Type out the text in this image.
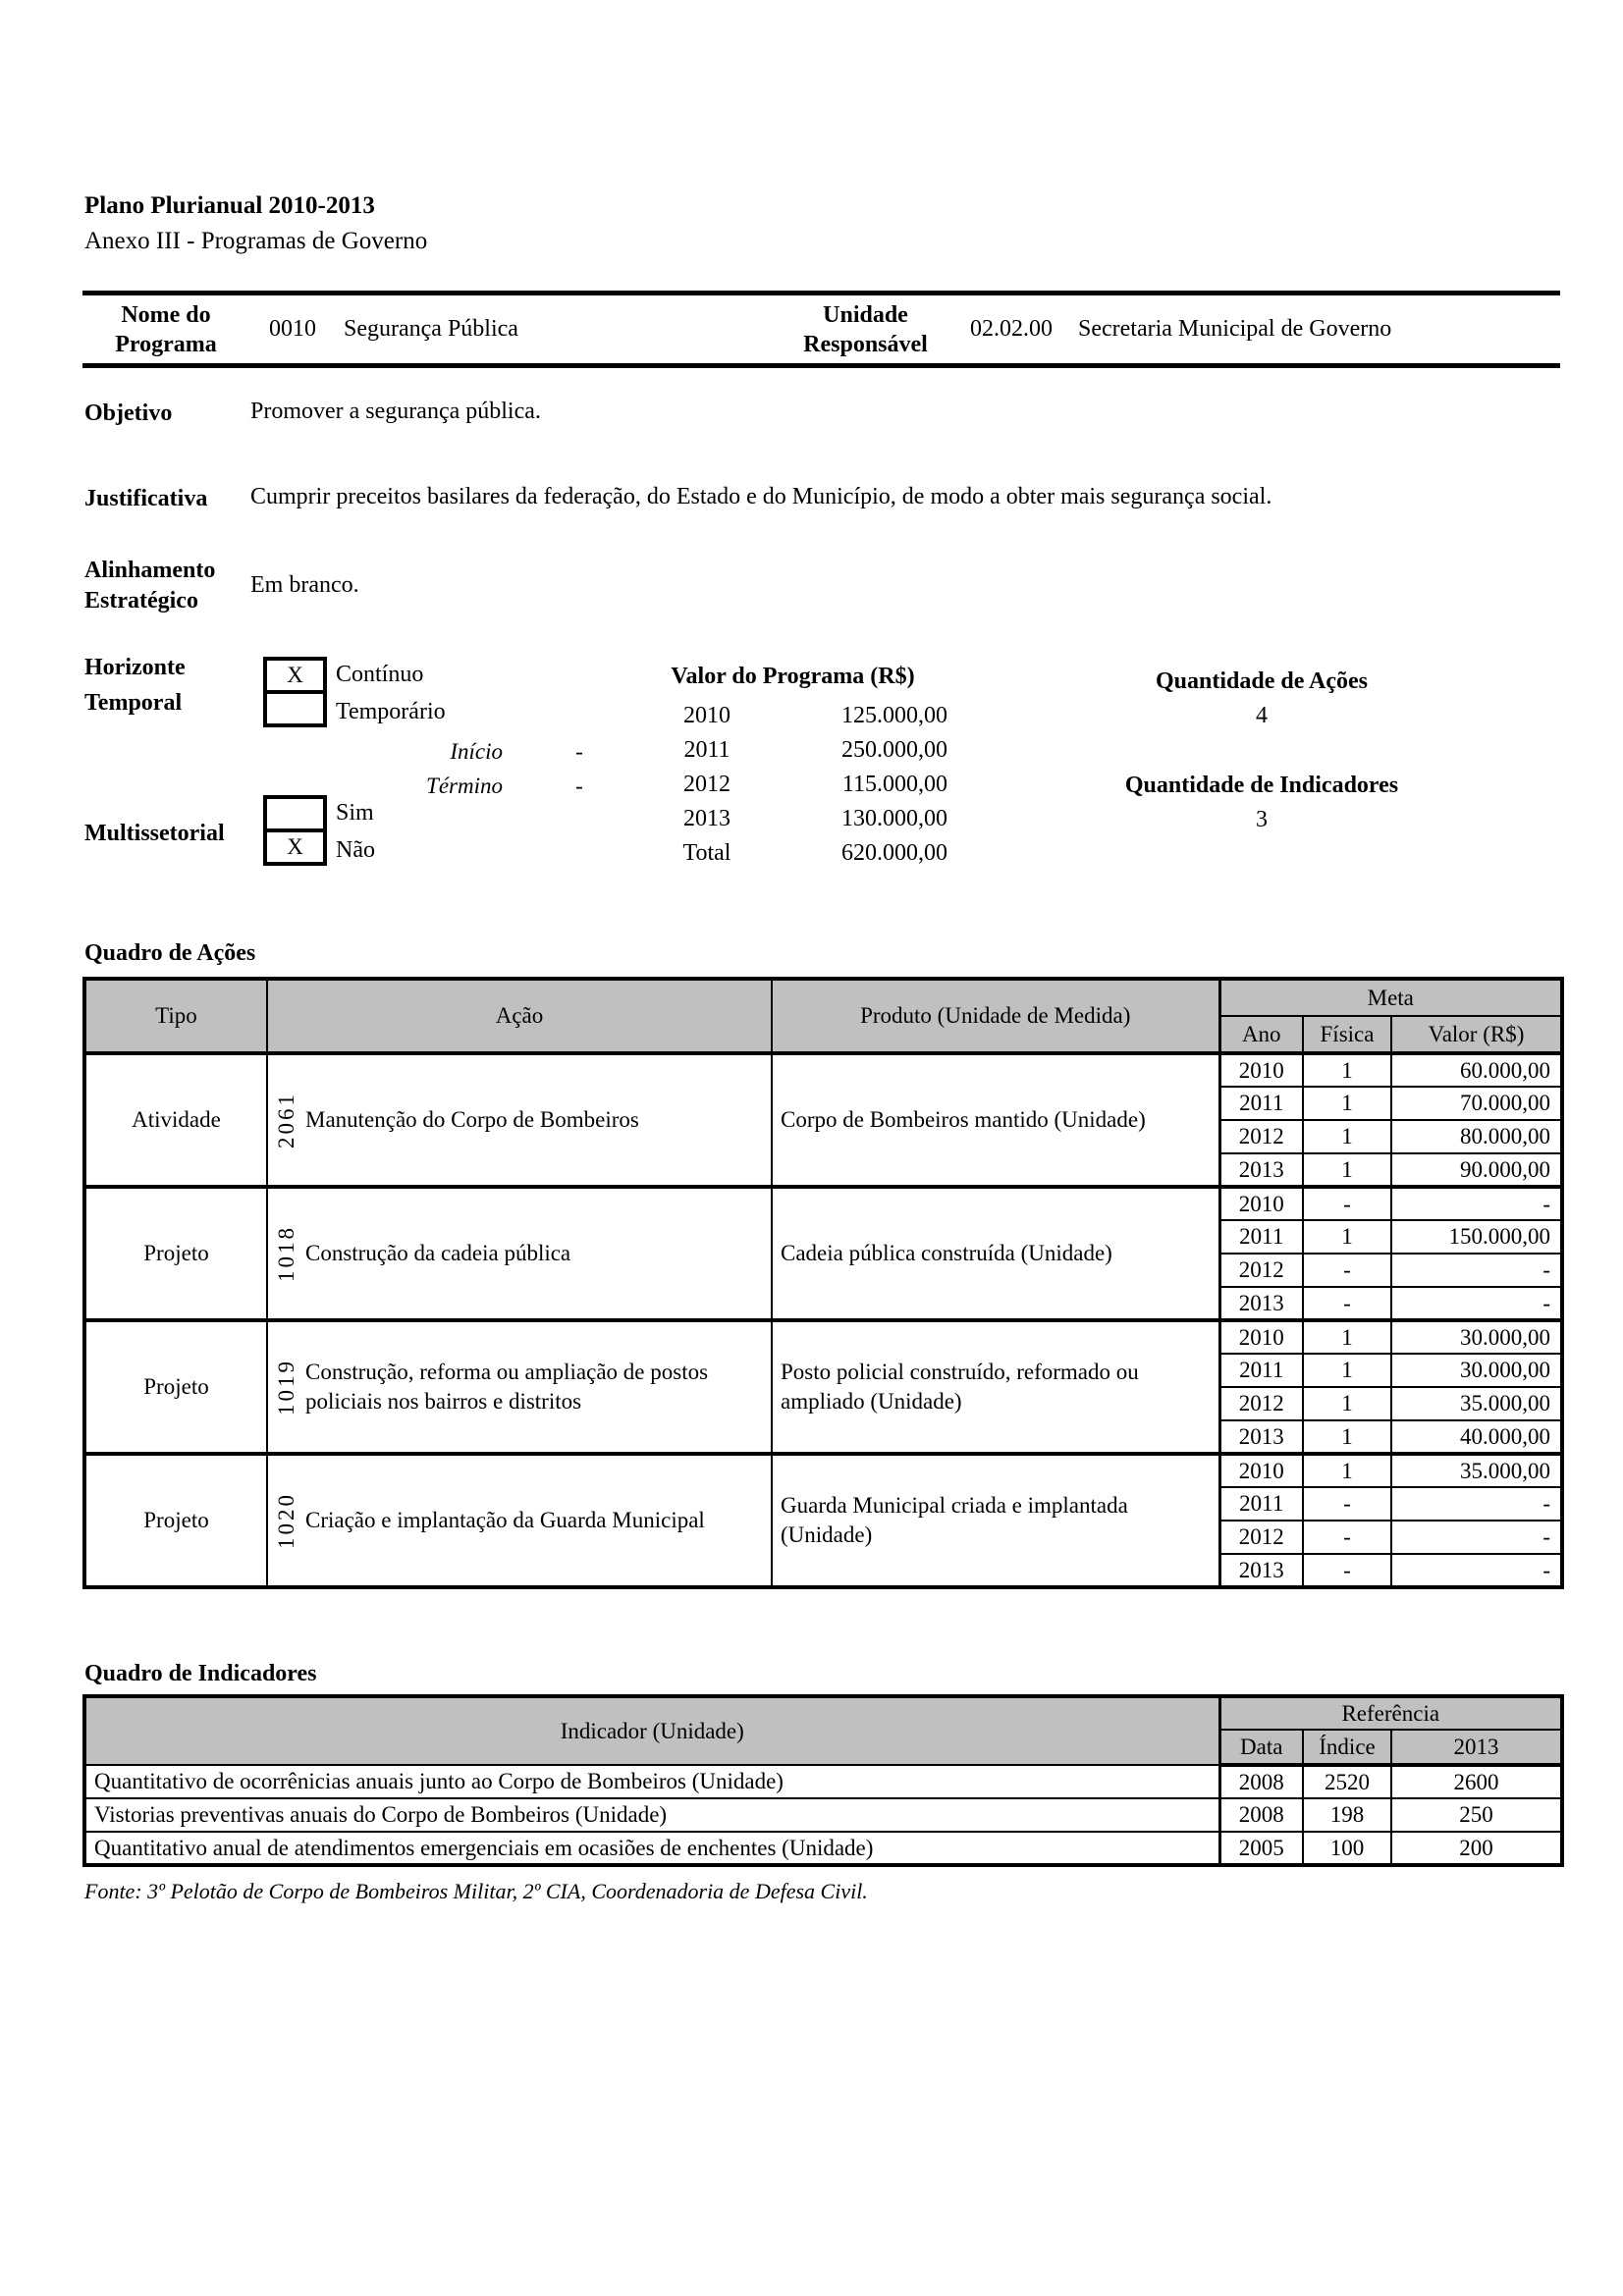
Plano Plurianual 2010-2013
Anexo III - Programas de Governo
Nome do Programa
0010 Segurança Pública
Unidade Responsável
02.02.00 Secretaria Municipal de Governo
Objetivo	Promover a segurança pública.
Justificativa	Cumprir preceitos basilares da federação, do Estado e do Município, de modo a obter mais segurança social.
Alinhamento Estratégico
Em branco.
Horizonte Temporal
X	Contínuo
Temporário
Início	-
Término	-
Multissetorial
X
Sim
Não
Valor do Programa (R$)
2010	125.000,00
2011	250.000,00
2012	115.000,00
2013	130.000,00
Total	620.000,00
Quantidade de Ações
4
Quantidade de Indicadores
3
Quadro de Ações
Tipo	Ação	Produto (Unidade de Medida)	Meta		
			Ano	Física	Valor (R$)
Atividade	2061 Manutenção do Corpo de Bombeiros	Corpo de Bombeiros mantido (Unidade)	2010	1	60.000,00
			2011	1	70.000,00
			2012	1	80.000,00
			2013	1	90.000,00
Projeto	1018 Construção da cadeia pública	Cadeia pública construída (Unidade)	2010	-	-
			2011	1	150.000,00
			2012	-	-
			2013	-	-
Projeto	1019 Construção, reforma ou ampliação de postos policiais nos bairros e distritos	Posto policial construído, reformado ou ampliado (Unidade)	2010	1	30.000,00
			2011	1	30.000,00
			2012	1	35.000,00
			2013	1	40.000,00
Projeto	1020 Criação e implantação da Guarda Municipal	Guarda Municipal criada e implantada (Unidade)	2010	1	35.000,00
			2011	-	-
			2012	-	-
			2013	-	-
Quadro de Indicadores
Indicador (Unidade)	Referência		
	Data	Índice	2013
Quantitativo de ocorrênicias anuais junto ao Corpo de Bombeiros (Unidade)	2008	2520	2600
Vistorias preventivas anuais do Corpo de Bombeiros (Unidade)	2008	198	250
Quantitativo anual de atendimentos emergenciais em ocasiões de enchentes (Unidade)	2005	100	200
Fonte: 3º Pelotão de Corpo de Bombeiros Militar, 2º CIA, Coordenadoria de Defesa Civil.
